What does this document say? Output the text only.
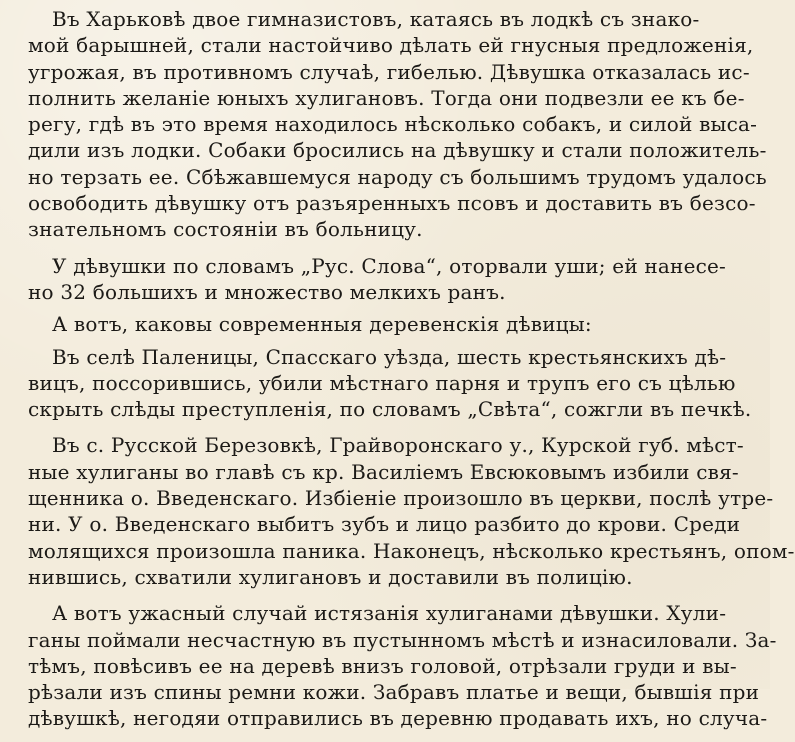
Въ Харьковѣ двое гимназистовъ, катаясь въ лодкѣ съ знако-
мой барышней, стали настойчиво дѣлать ей гнусныя предложенія,
угрожая, въ противномъ случаѣ, гибелью. Дѣвушка отказалась ис-
полнить желаніе юныхъ хулигановъ. Тогда они подвезли ее къ бе-
регу, гдѣ въ это время находилось нѣсколько собакъ, и силой выса-
дили изъ лодки. Собаки бросились на дѣвушку и стали положитель-
но терзать ее. Сбѣжавшемуся народу съ большимъ трудомъ удалось
освободить дѣвушку отъ разъяренныхъ псовъ и доставить въ безсо-
знательномъ состояніи въ больницу.

У дѣвушки по словамъ „Рус. Слова“, оторвали уши; ей нанесе-
но 32 большихъ и множество мелкихъ ранъ.

А вотъ, каковы современныя деревенскія дѣвицы:

Въ селѣ Паленицы, Спасскаго уѣзда, шесть крестьянскихъ дѣ-
вицъ, поссорившись, убили мѣстнаго парня и трупъ его съ цѣлью
скрыть слѣды преступленія, по словамъ „Свѣта“, сожгли въ печкѣ.

Въ с. Русской Березовкѣ, Грайворонскаго у., Курской губ. мѣст-
ные хулиганы во главѣ съ кр. Василіемъ Евсюковымъ избили свя-
щенника о. Введенскаго. Избіеніе произошло въ церкви, послѣ утре-
ни. У о. Введенскаго выбитъ зубъ и лицо разбито до крови. Среди
молящихся произошла паника. Наконецъ, нѣсколько крестьянъ, опом-
нившись, схватили хулигановъ и доставили въ полицію.

А вотъ ужасный случай истязанія хулиганами дѣвушки. Хули-
ганы поймали несчастную въ пустынномъ мѣстѣ и изнасиловали. За-
тѣмъ, повѣсивъ ее на деревѣ внизъ головой, отрѣзали груди и вы-
рѣзали изъ спины ремни кожи. Забравъ платье и вещи, бывшія при
дѣвушкѣ, негодяи отправились въ деревню продавать ихъ, но случа-
